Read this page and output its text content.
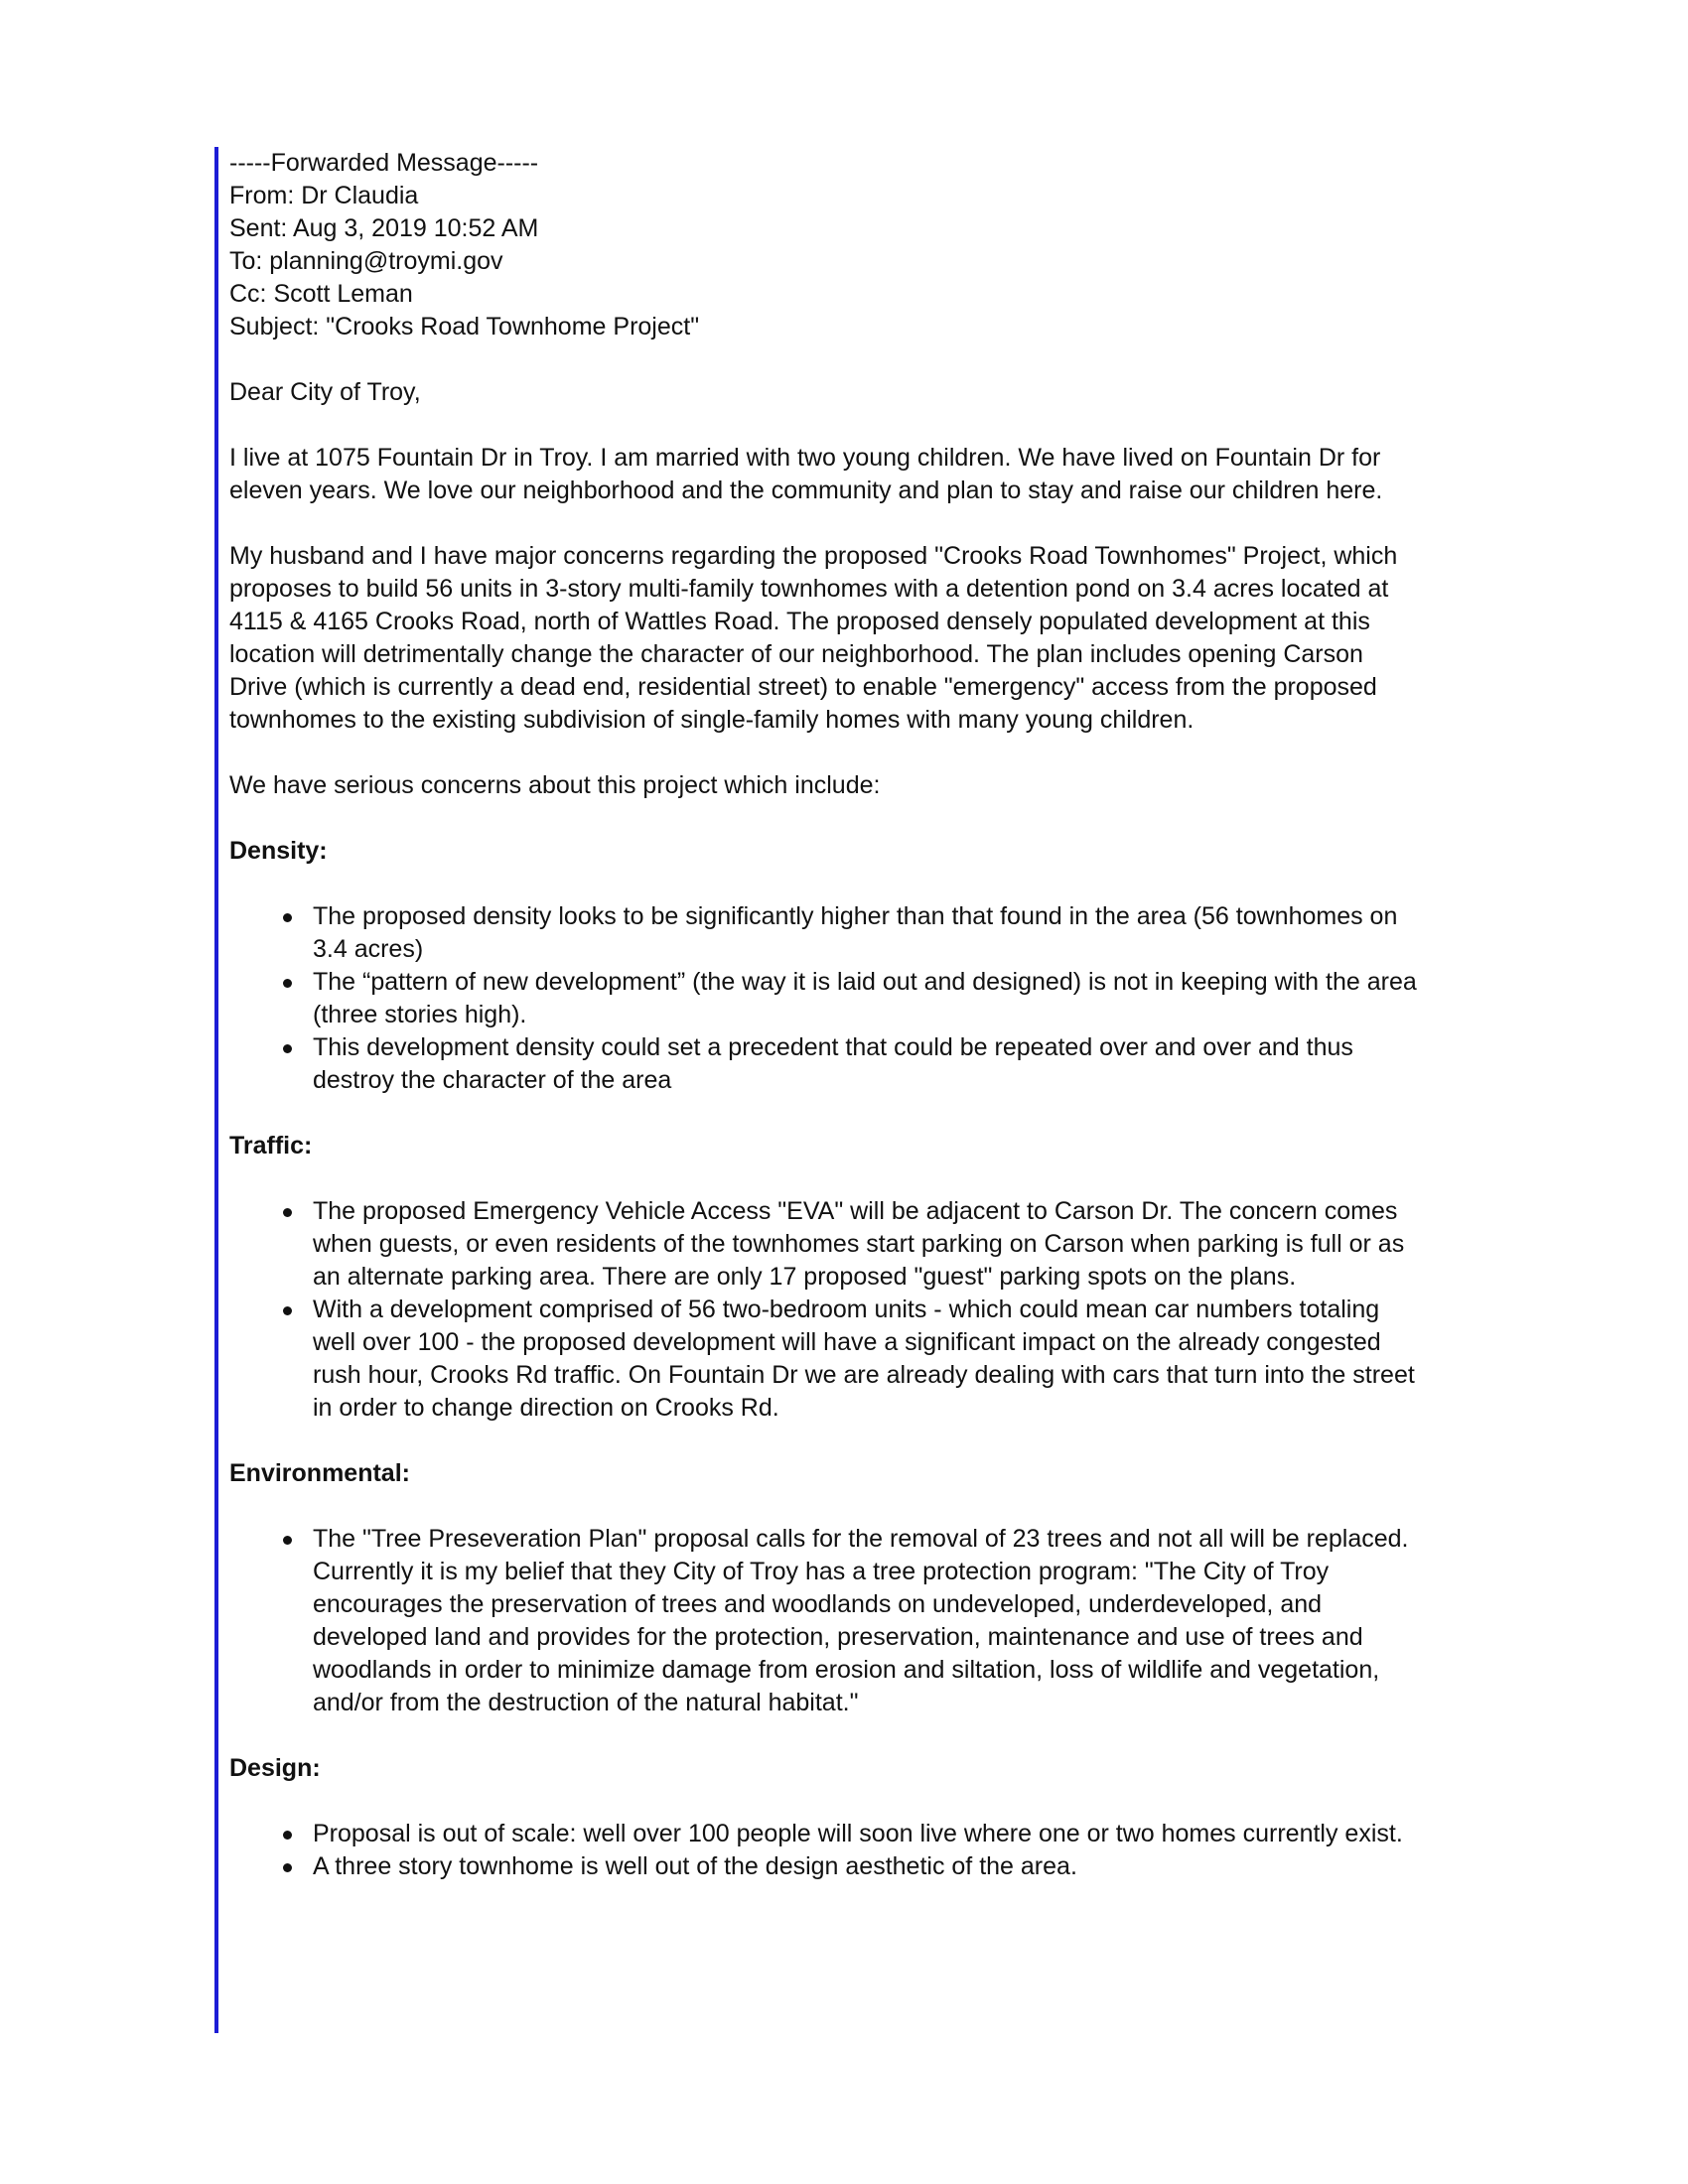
-----Forwarded Message-----

From: Dr Claudia

Sent: Aug 3, 2019 10:52 AM

To: planning@troymi.gov

Cc: Scott Leman

Subject: "Crooks Road Townhome Project"

Dear City of Troy,

I live at 1075 Fountain Dr in Troy. I am married with two young children. We have lived on Fountain Dr for eleven years. We love our neighborhood and the community and plan to stay and raise our children here.

My husband and I have major concerns regarding the proposed "Crooks Road Townhomes" Project, which proposes to build 56 units in 3-story multi-family townhomes with a detention pond on 3.4 acres located at 4115 & 4165 Crooks Road, north of Wattles Road. The proposed densely populated development at this location will detrimentally change the character of our neighborhood. The plan includes opening Carson Drive (which is currently a dead end, residential street) to enable "emergency" access from the proposed townhomes to the existing subdivision of single-family homes with many young children.

We have serious concerns about this project which include:

Density:

The proposed density looks to be significantly higher than that found in the area (56 townhomes on 3.4 acres)
The “pattern of new development” (the way it is laid out and designed) is not in keeping with the area (three stories high).
This development density could set a precedent that could be repeated over and over and thus destroy the character of the area

Traffic:

The proposed Emergency Vehicle Access "EVA" will be adjacent to Carson Dr. The concern comes when guests, or even residents of the townhomes start parking on Carson when parking is full or as an alternate parking area. There are only 17 proposed "guest" parking spots on the plans.
With a development comprised of 56 two-bedroom units - which could mean car numbers totaling well over 100 - the proposed development will have a significant impact on the already congested rush hour, Crooks Rd traffic. On Fountain Dr we are already dealing with cars that turn into the street in order to change direction on Crooks Rd.

Environmental:

The "Tree Preseveration Plan" proposal calls for the removal of 23 trees and not all will be replaced. Currently it is my belief that they City of Troy has a tree protection program: "The City of Troy encourages the preservation of trees and woodlands on undeveloped, underdeveloped, and developed land and provides for the protection, preservation, maintenance and use of trees and woodlands in order to minimize damage from erosion and siltation, loss of wildlife and vegetation, and/or from the destruction of the natural habitat."

Design:

Proposal is out of scale: well over 100 people will soon live where one or two homes currently exist.
A three story townhome is well out of the design aesthetic of the area.
